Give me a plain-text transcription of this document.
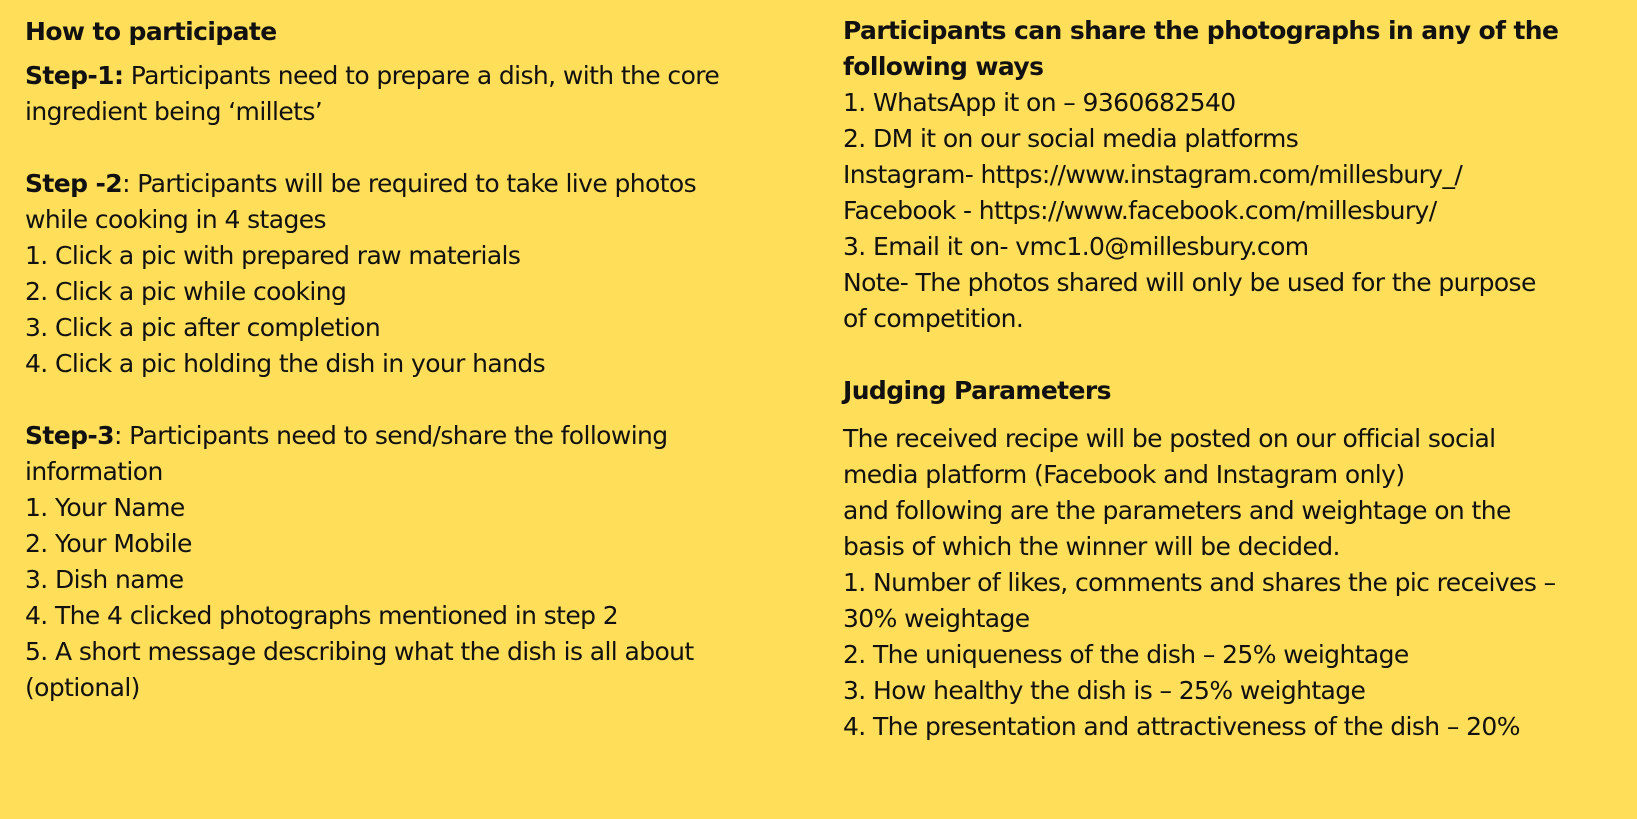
How to participate

Step-1: Participants need to prepare a dish, with the core

ingredient being ‘millets’

Step -2: Participants will be required to take live photos

while cooking in 4 stages

1. Click a pic with prepared raw materials

2. Click a pic while cooking

3. Click a pic after completion

4. Click a pic holding the dish in your hands

Step-3: Participants need to send/share the following

information

1. Your Name

2. Your Mobile

3. Dish name

4. The 4 clicked photographs mentioned in step 2

5. A short message describing what the dish is all about

(optional)

Participants can share the photographs in any of the

following ways

1. WhatsApp it on – 9360682540

2. DM it on our social media platforms

Instagram- https://www.instagram.com/millesbury_/

Facebook - https://www.facebook.com/millesbury/

3. Email it on- vmc1.0@millesbury.com

Note- The photos shared will only be used for the purpose

of competition.

Judging Parameters

The received recipe will be posted on our official social

media platform (Facebook and Instagram only)

and following are the parameters and weightage on the

basis of which the winner will be decided.

1. Number of likes, comments and shares the pic receives –

30% weightage

2. The uniqueness of the dish – 25% weightage

3. How healthy the dish is – 25% weightage

4. The presentation and attractiveness of the dish – 20%
